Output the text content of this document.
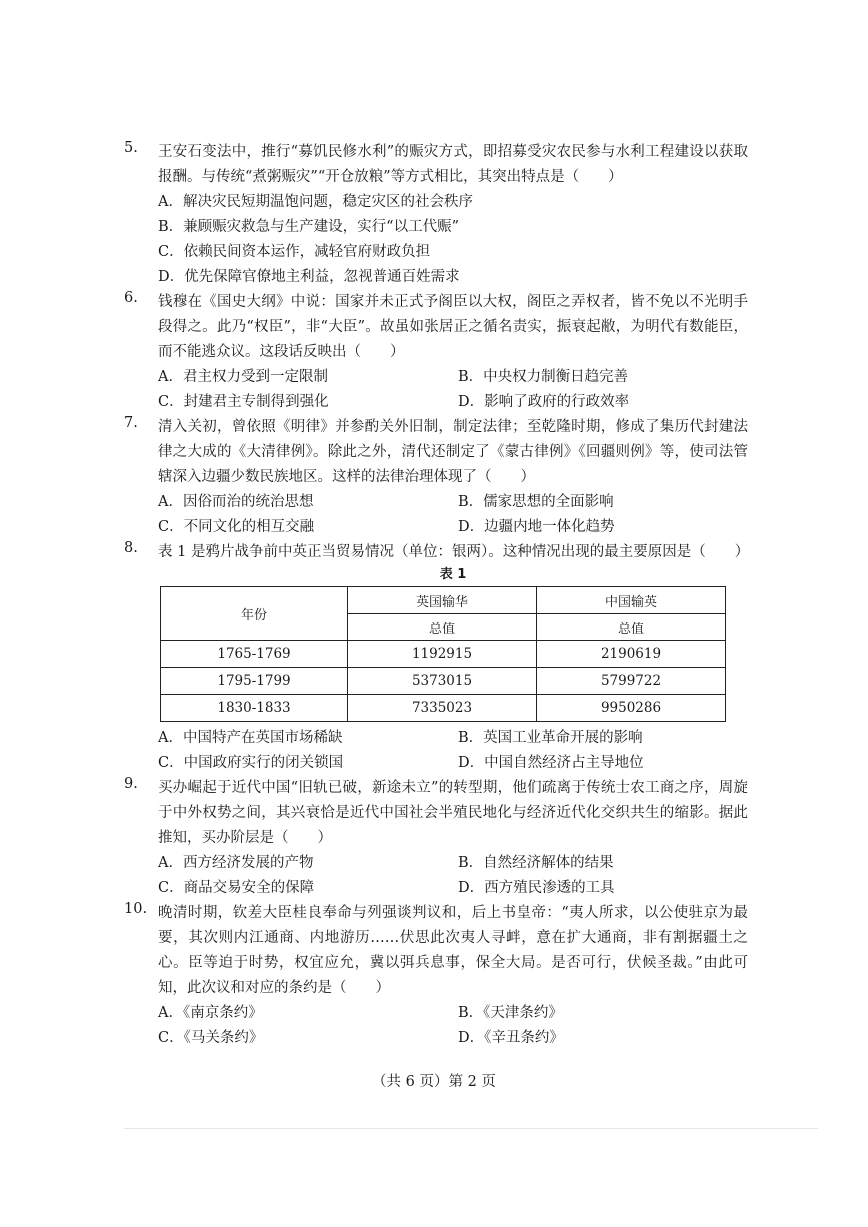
5. 王安石变法中，推行“募饥民修水利”的赈灾方式，即招募受灾农民参与水利工程建设以获取报酬。与传统“煮粥赈灾”“开仓放粮”等方式相比，其突出特点是（　　）
A．解决灾民短期温饱问题，稳定灾区的社会秩序
B．兼顾赈灾救急与生产建设，实行“以工代赈”
C．依赖民间资本运作，减轻官府财政负担
D．优先保障官僚地主利益，忽视普通百姓需求
6. 钱穆在《国史大纲》中说：国家并未正式予阁臣以大权，阁臣之弄权者，皆不免以不光明手段得之。此乃“权臣”，非“大臣”。故虽如张居正之循名责实，振衰起敝，为明代有数能臣，而不能逃众议。这段话反映出（　　）
A．君主权力受到一定限制	B．中央权力制衡日趋完善
C．封建君主专制得到强化	D．影响了政府的行政效率
7. 清入关初，曾依照《明律》并参酌关外旧制，制定法律；至乾隆时期，修成了集历代封建法律之大成的《大清律例》。除此之外，清代还制定了《蒙古律例》《回疆则例》等，使司法管辖深入边疆少数民族地区。这样的法律治理体现了（　　）
A．因俗而治的统治思想	B．儒家思想的全面影响
C．不同文化的相互交融	D．边疆内地一体化趋势
8. 表 1 是鸦片战争前中英正当贸易情况（单位：银两）。这种情况出现的最主要原因是（　　）
表 1
年份	英国输华	中国输英
	总值	总值
1765-1769	1192915	2190619
1795-1799	5373015	5799722
1830-1833	7335023	9950286
A．中国特产在英国市场稀缺	B．英国工业革命开展的影响
C．中国政府实行的闭关锁国	D．中国自然经济占主导地位
9. 买办崛起于近代中国“旧轨已破，新途未立”的转型期，他们疏离于传统士农工商之序，周旋于中外权势之间，其兴衰恰是近代中国社会半殖民地化与经济近代化交织共生的缩影。据此推知，买办阶层是（　　）
A．西方经济发展的产物	B．自然经济解体的结果
C．商品交易安全的保障	D．西方殖民渗透的工具
10. 晚清时期，钦差大臣桂良奉命与列强谈判议和，后上书皇帝：“夷人所求，以公使驻京为最要，其次则内江通商、内地游历……伏思此次夷人寻衅，意在扩大通商，非有割据疆土之心。臣等迫于时势，权宜应允，冀以弭兵息事，保全大局。是否可行，伏候圣裁。”由此可知，此次议和对应的条约是（　　）
A．《南京条约》	B．《天津条约》
C．《马关条约》	D．《辛丑条约》
（共 6 页）第 2 页
